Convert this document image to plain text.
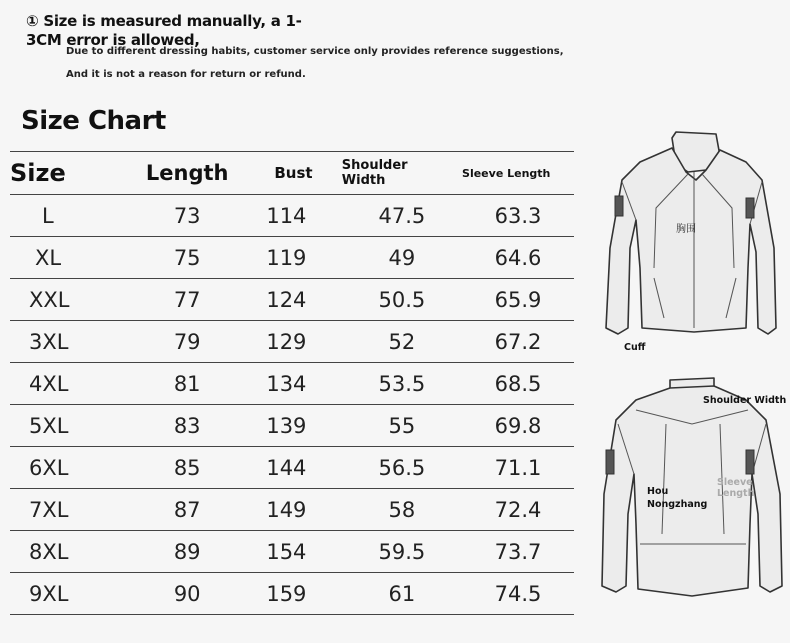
① Size is measured manually, a 1-3CM error is allowed,
Due to different dressing habits, customer service only provides reference suggestions,
And it is not a reason for return or refund.
Size Chart
Size	Length	Bust	Shoulder Width	Sleeve Length
L	73	114	47.5	63.3
XL	75	119	49	64.6
XXL	77	124	50.5	65.9
3XL	79	129	52	67.2
4XL	81	134	53.5	68.5
5XL	83	139	55	69.8
6XL	85	144	56.5	71.1
7XL	87	149	58	72.4
8XL	89	154	59.5	73.7
9XL	90	159	61	74.5
胸围
Cuff
Shoulder Width
Hou Nongzhang
Sleeve Length
